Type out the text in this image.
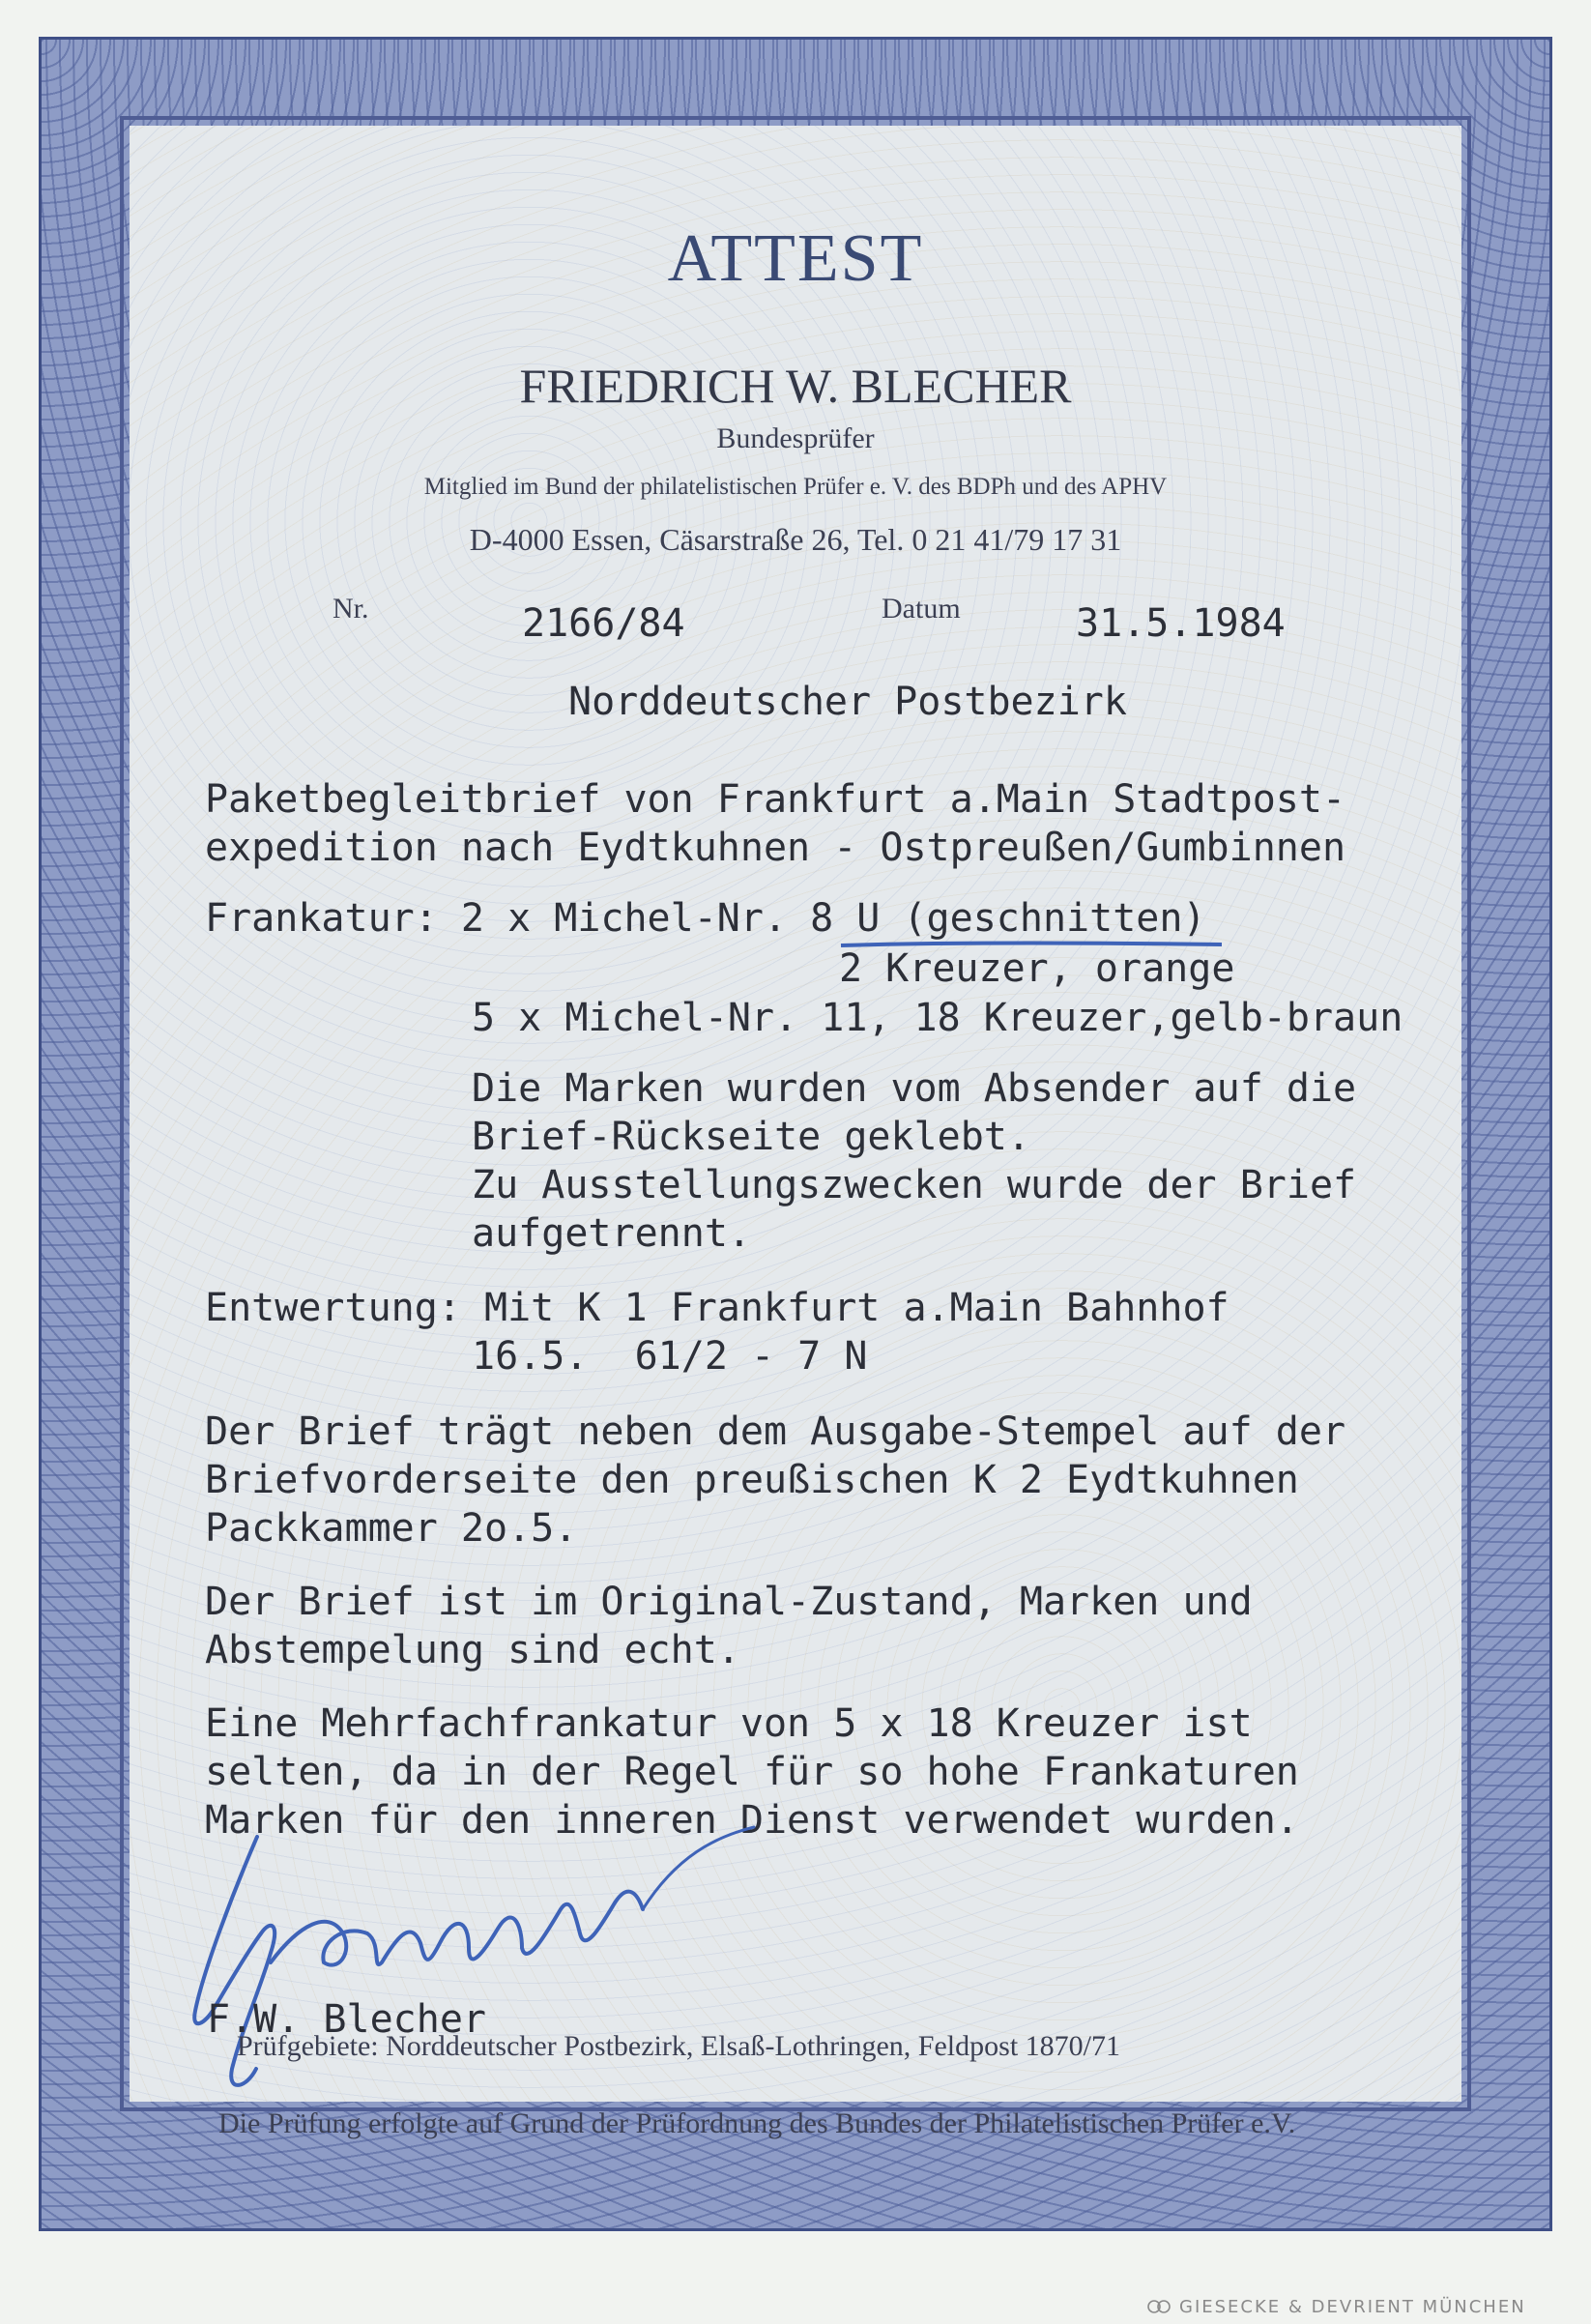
ATTEST
FRIEDRICH W. BLECHER
Bundesprüfer
Mitglied im Bund der philatelistischen Prüfer e. V. des BDPh und des APHV
D-4000 Essen, Cäsarstraße 26, Tel. 0 21 41/79 17 31
Nr.	2166/84	Datum	31.5.1984
Norddeutscher Postbezirk
Paketbegleitbrief von Frankfurt a.Main Stadtpost-
expedition nach Eydtkuhnen - Ostpreußen/Gumbinnen
Frankatur: 2 x Michel-Nr. 8 U (geschnitten)
2 Kreuzer, orange
5 x Michel-Nr. 11, 18 Kreuzer,gelb-braun
Die Marken wurden vom Absender auf die
Brief-Rückseite geklebt.
Zu Ausstellungszwecken wurde der Brief
aufgetrennt.
Entwertung: Mit K 1 Frankfurt a.Main Bahnhof
16.5.  61/2 - 7 N
Der Brief trägt neben dem Ausgabe-Stempel auf der
Briefvorderseite den preußischen K 2 Eydtkuhnen
Packkammer 2o.5.
Der Brief ist im Original-Zustand, Marken und
Abstempelung sind echt.
Eine Mehrfachfrankatur von 5 x 18 Kreuzer ist
selten, da in der Regel für so hohe Frankaturen
Marken für den inneren Dienst verwendet wurden.
F.W. Blecher
Prüfgebiete: Norddeutscher Postbezirk, Elsaß-Lothringen, Feldpost 1870/71
Die Prüfung erfolgte auf Grund der Prüfordnung des Bundes der Philatelistischen Prüfer e.V.
GIESECKE & DEVRIENT MÜNCHEN
